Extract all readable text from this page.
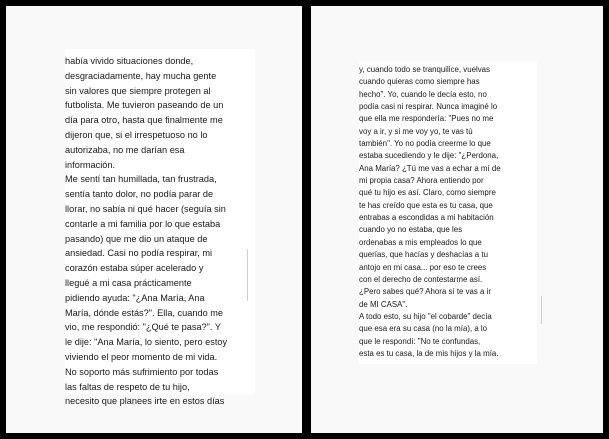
había vivido situaciones donde,
desgraciadamente, hay mucha gente
sin valores que siempre protegen al
futbolista. Me tuvieron paseando de un
día para otro, hasta que finalmente me
dijeron que, si el irrespetuoso no lo
autorizaba, no me darían esa
información.
Me sentí tan humillada, tan frustrada,
sentía tanto dolor, no podía parar de
llorar, no sabía ni qué hacer (seguía sin
contarle a mi familia por lo que estaba
pasando) que me dio un ataque de
ansiedad. Casi no podía respirar, mi
corazón estaba súper acelerado y
llegué a mi casa prácticamente
pidiendo ayuda: "¿Ana María, Ana
María, dónde estás?". Ella, cuando me
vio, me respondió: "¿Qué te pasa?". Y
le dije: "Ana María, lo siento, pero estoy
viviendo el peor momento de mi vida.
No soporto más sufrimiento por todas
las faltas de respeto de tu hijo,
necesito que planees irte en estos días
y, cuando todo se tranquilice, vuelvas
cuando quieras como siempre has
hecho". Yo, cuando le decía esto, no
podía casi ni respirar. Nunca imaginé lo
que ella me respondería: "Pues no me
voy a ir, y si me voy yo, te vas tú
también". Yo no podía creerme lo que
estaba sucediendo y le dije: "¿Perdona,
Ana María? ¿Tú me vas a echar a mí de
mi propia casa? Ahora entiendo por
qué tu hijo es así. Claro, como siempre
te has creído que esta es tu casa, que
entrabas a escondidas a mi habitación
cuando yo no estaba, que les
ordenabas a mis empleados lo que
querías, que hacías y deshacías a tu
antojo en mi casa... por eso te crees
con el derecho de contestarme así.
¿Pero sabes qué? Ahora sí te vas a ir
de MI CASA".
A todo esto, su hijo "el cobarde" decía
que esa era su casa (no la mía), a lo
que le respondí: "No te confundas,
esta es tu casa, la de mis hijos y la mía.
